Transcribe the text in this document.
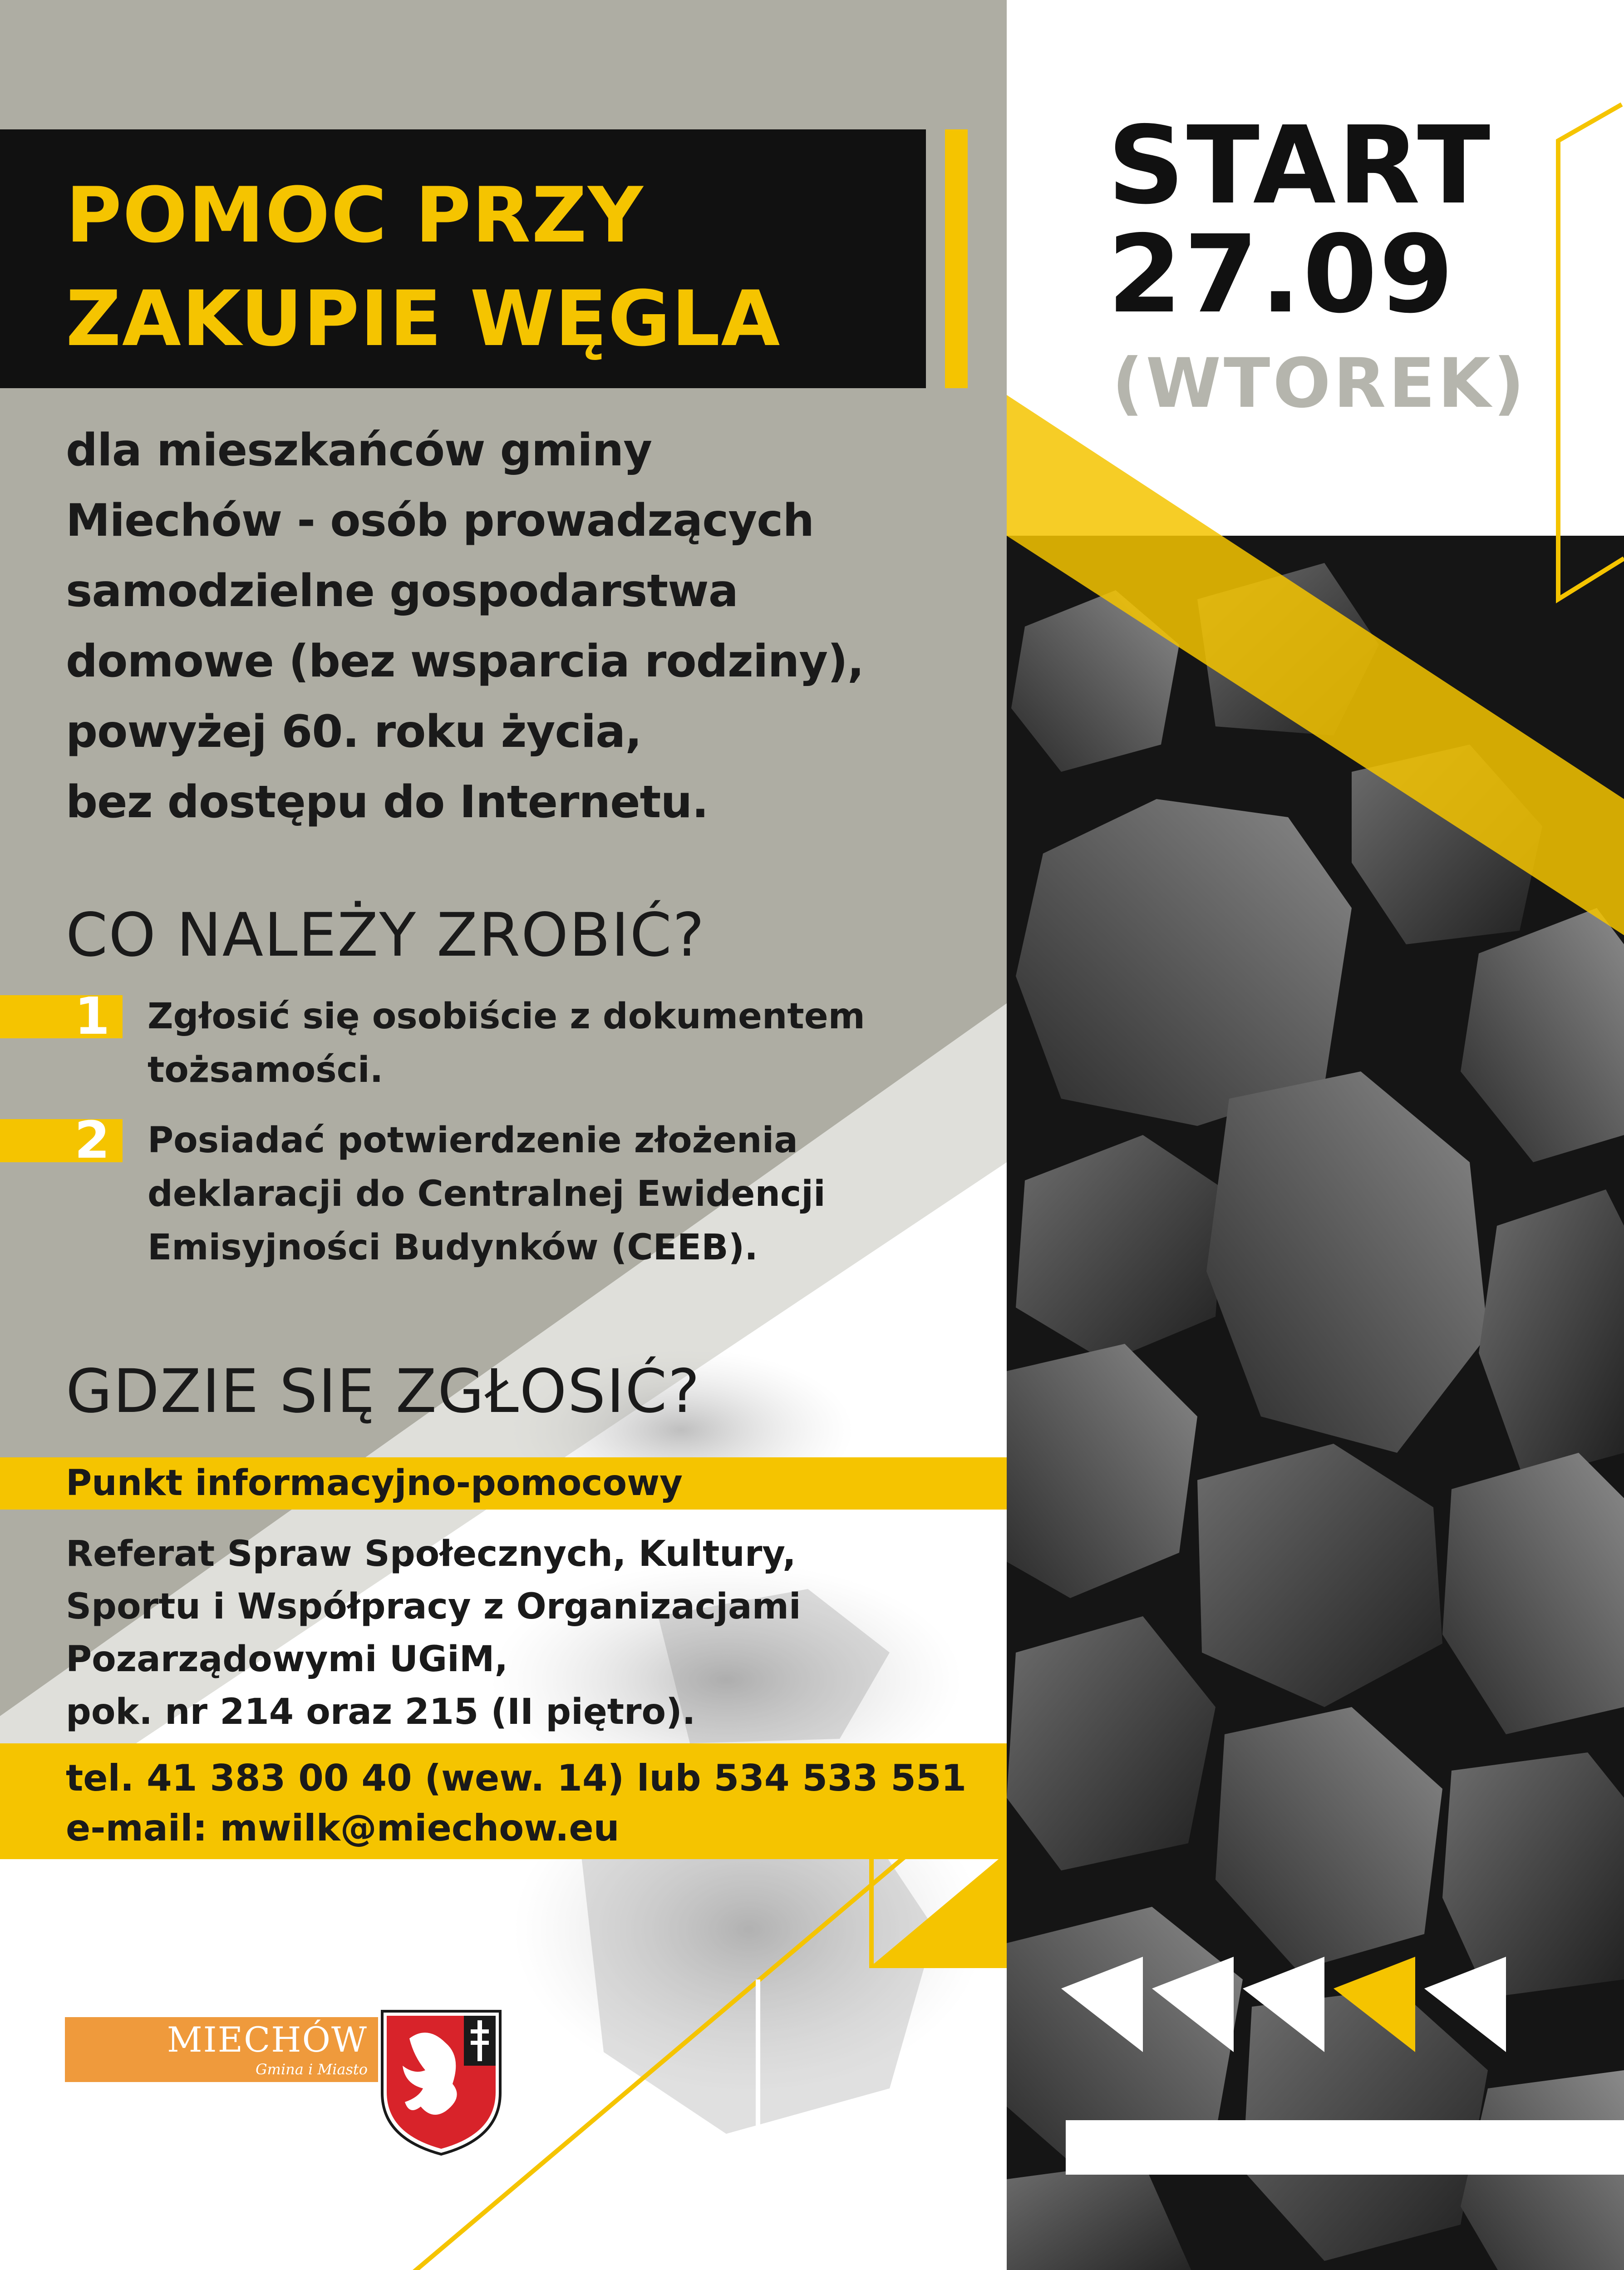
POMOC PRZY
ZAKUPIE WĘGLA

dla mieszkańców gminy
Miechów - osób prowadzących
samodzielne gospodarstwa
domowe (bez wsparcia rodziny),
powyżej 60. roku życia,
bez dostępu do Internetu.

START

27.09

(WTOREK)

CO NALEŻY ZROBIĆ?
1	Zgłosić się osobiście z dokumentem
tożsamości.

2	Posiadać potwierdzenie złożenia
deklaracji do Centralnej Ewidencji
Emisyjności Budynków (CEEB).

GDZIE SIĘ ZGŁOSIĆ?

Punkt informacyjno-pomocowy

Referat Spraw Społecznych, Kultury,
Sportu i Współpracy z Organizacjami
Pozarządowymi UGiM,
pok. nr 214 oraz 215 (II piętro).

tel. 41 383 00 40 (wew. 14) lub 534 533 551

e-mail: mwilk@miechow.eu

MIECHÓW

Gmina i Miasto
